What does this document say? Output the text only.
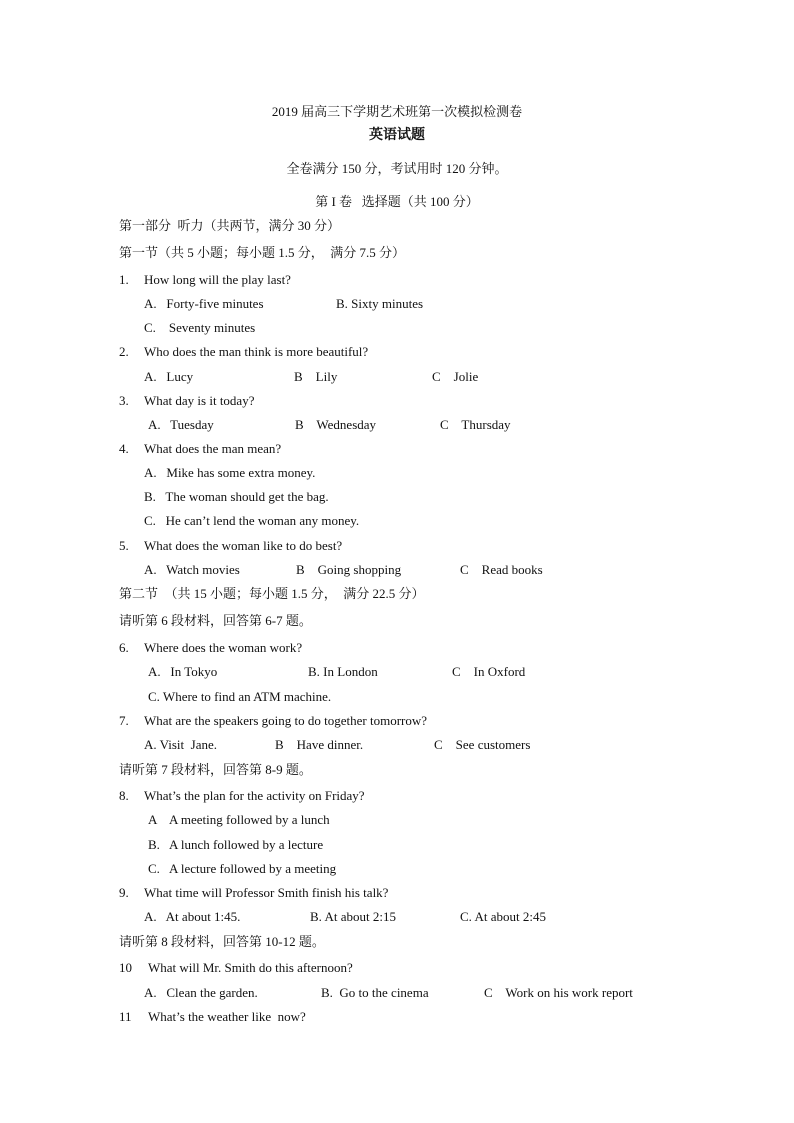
2019 届高三下学期艺术班第一次模拟检测卷
英语试题
全卷满分 150 分，考试用时 120 分钟。
第 I 卷   选择题（共 100 分）
第一部分  听力（共两节，满分 30 分）
第一节（共 5 小题；每小题 1.5 分，  满分 7.5 分）
1. How long will the play last?
A.   Forty-five minutes	B. Sixty minutes
C.    Seventy minutes
2. Who does the man think is more beautiful?
A.   Lucy	B    Lily	C    Jolie
3. What day is it today?
A.   Tuesday	B    Wednesday	C    Thursday
4. What does the man mean?
A.   Mike has some extra money.
B.   The woman should get the bag.
C.   He can’t lend the woman any money.
5. What does the woman like to do best?
A.   Watch movies	B    Going shopping	C    Read books
第二节  （共 15 小题；每小题 1.5 分，  满分 22.5 分）
请听第 6 段材料，回答第 6-7 题。
6. Where does the woman work?
A.   In Tokyo	B. In London	C    In Oxford
C. Where to find an ATM machine.
7. What are the speakers going to do together tomorrow?
A. Visit  Jane.	B    Have dinner.	C    See customers
请听第 7 段材料，回答第 8-9 题。
8. What’s the plan for the activity on Friday?
A    A meeting followed by a lunch
B.   A lunch followed by a lecture
C.   A lecture followed by a meeting
9. What time will Professor Smith finish his talk?
A.   At about 1:45.	B. At about 2:15	C. At about 2:45
请听第 8 段材料，回答第 10-12 题。
10 What will Mr. Smith do this afternoon?
A.   Clean the garden.	B.  Go to the cinema	C    Work on his work report
11 What’s the weather like  now?
